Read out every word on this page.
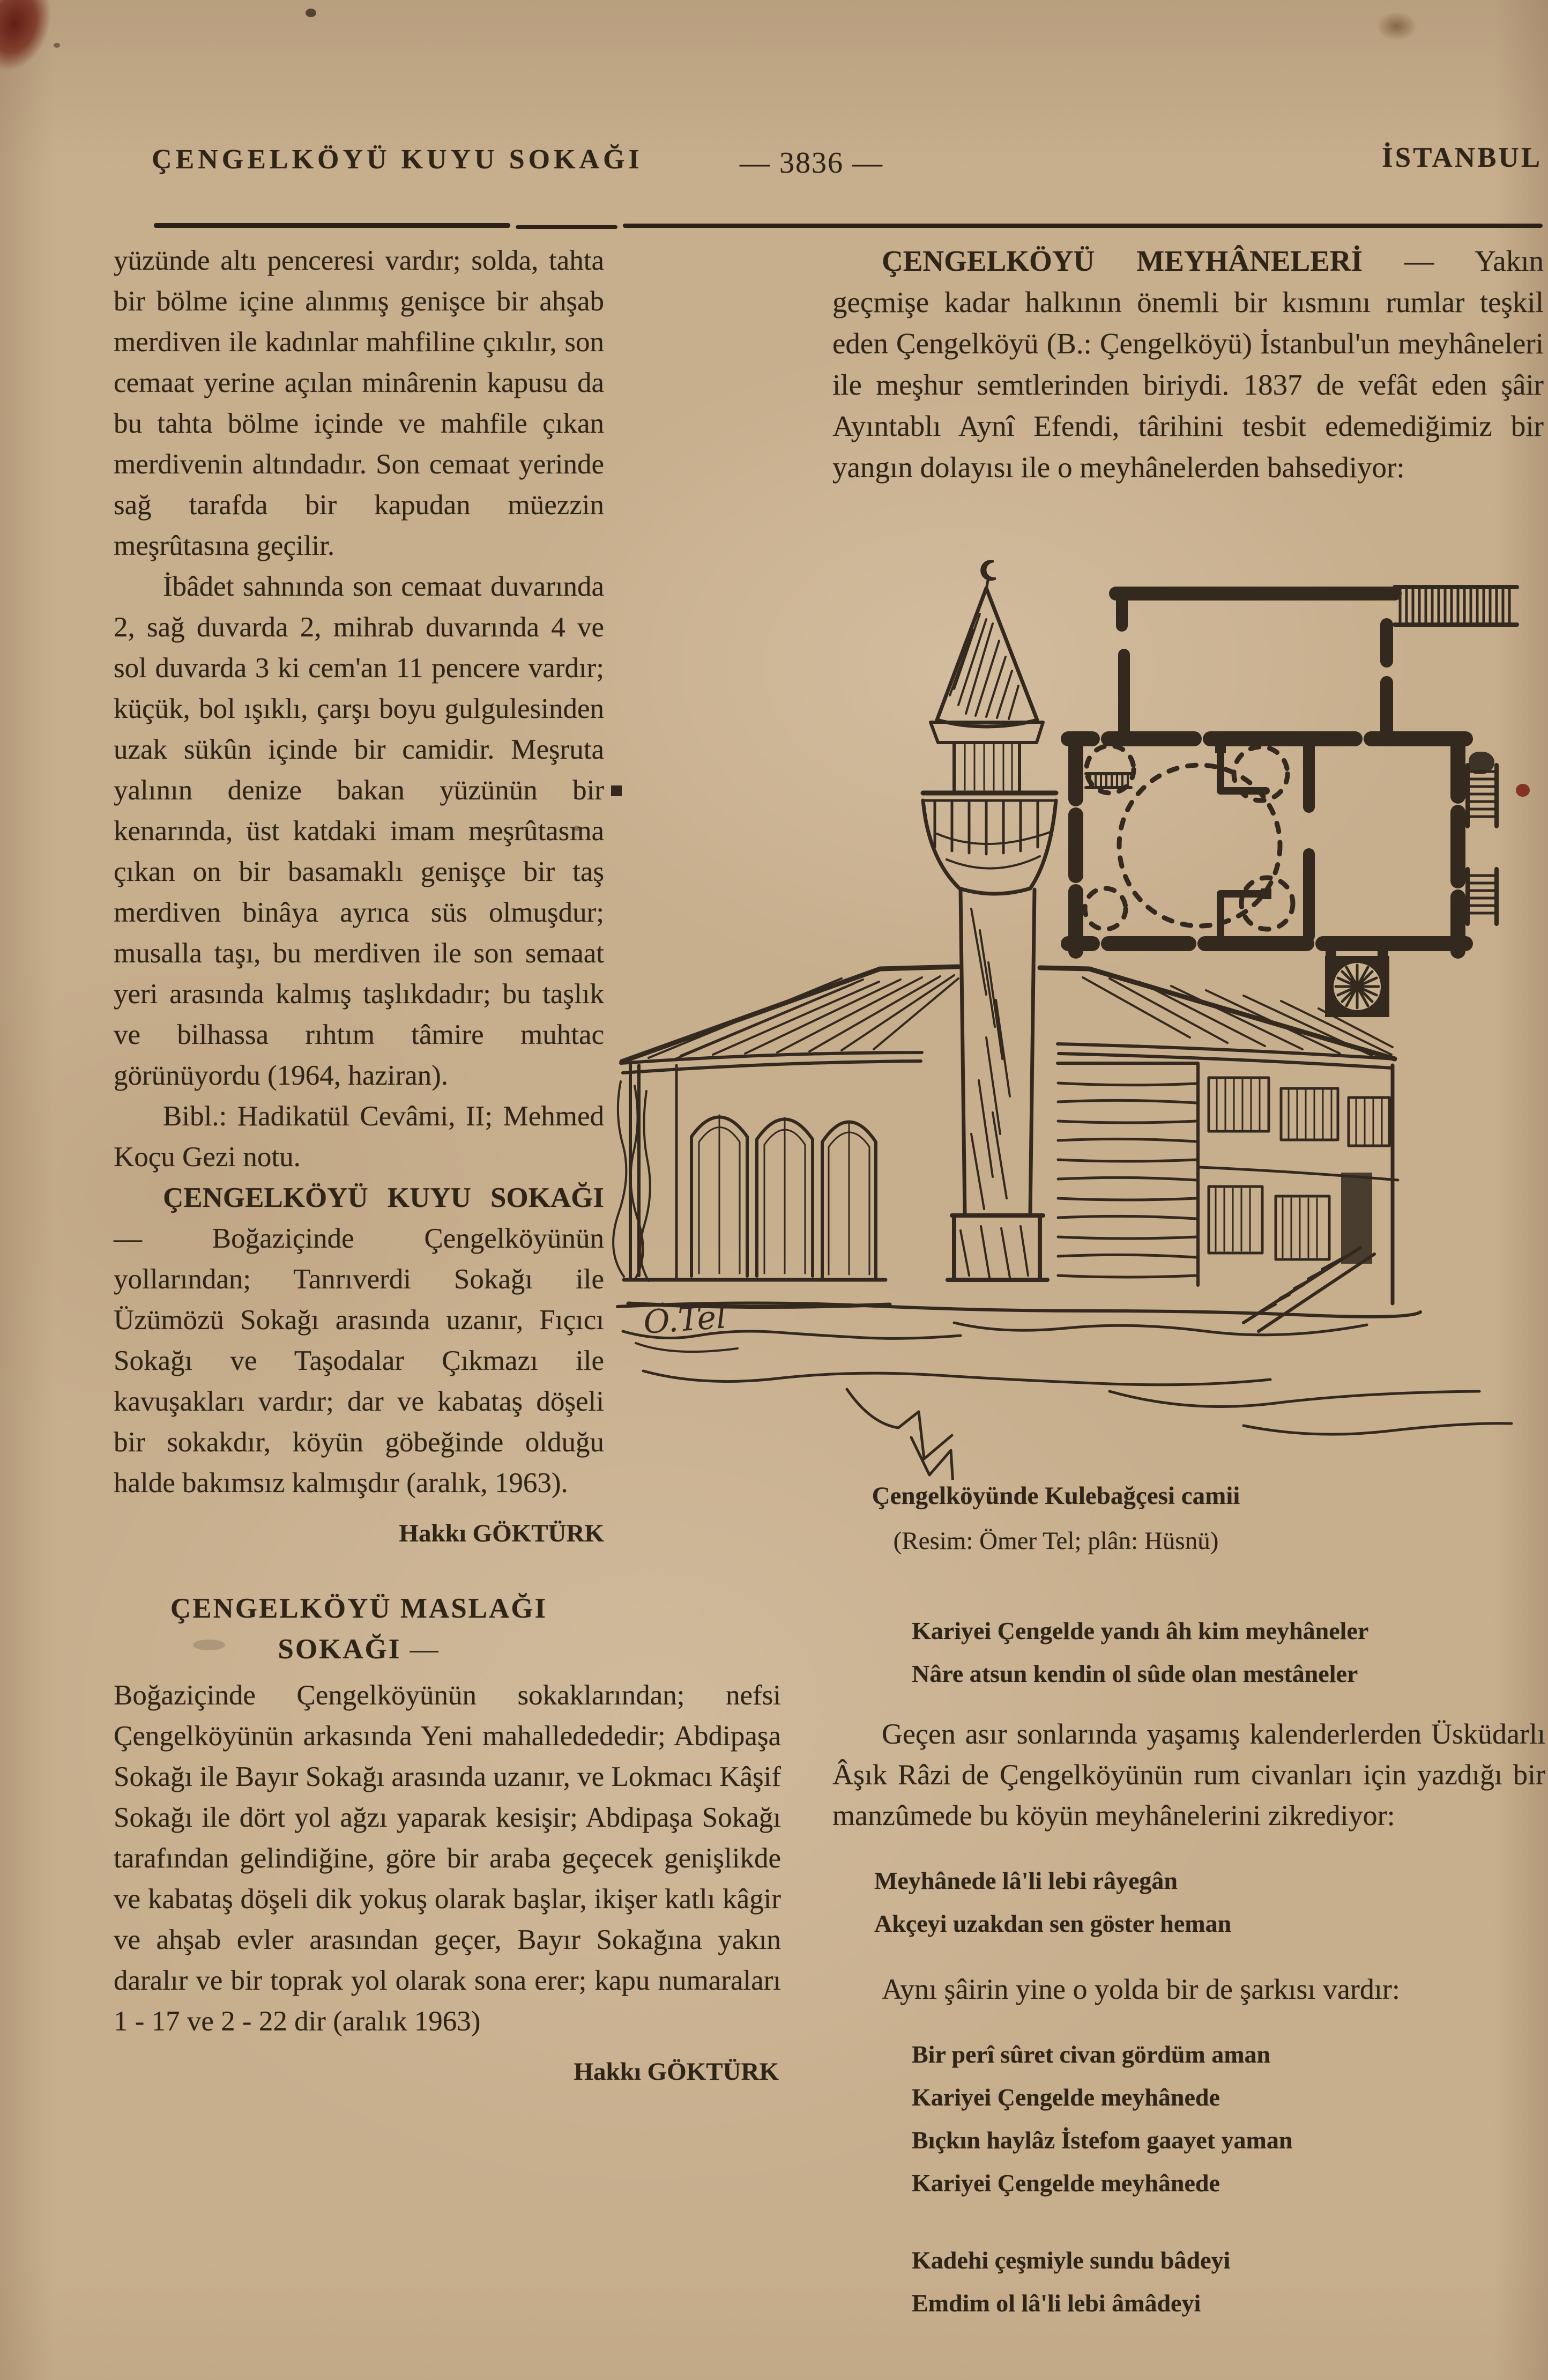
ÇENGELKÖYÜ KUYU SOKAĞI	— 3836 —	İSTANBUL

yüzünde altı penceresi vardır; solda, tahta bir bölme içine alınmış genişce bir ahşab merdiven ile kadınlar mahfiline çıkılır, son cemaat yerine açılan minârenin kapusu da bu tahta bölme içinde ve mahfile çıkan merdivenin altındadır. Son cemaat yerinde sağ tarafda bir kapudan müezzin meşrûtasına geçilir.

İbâdet sahnında son cemaat duvarında 2, sağ duvarda 2, mihrab duvarında 4 ve sol duvarda 3 ki cem'an 11 pencere vardır; küçük, bol ışıklı, çarşı boyu gulgulesinden uzak sükûn içinde bir camidir. Meşruta yalının denize bakan yüzünün bir kenarında, üst katdaki imam meşrûtasına çıkan on bir basamaklı genişçe bir taş merdiven binâya ayrıca süs olmuşdur; musalla taşı, bu merdiven ile son semaat yeri arasında kalmış taşlıkdadır; bu taşlık ve bilhassa rıhtım tâmire muhtac görünüyordu (1964, haziran).

Bibl.: Hadikatül Cevâmi, II; Mehmed Koçu Gezi notu.

ÇENGELKÖYÜ KUYU SOKAĞI — Boğaziçinde Çengelköyünün yollarından; Tanrıverdi Sokağı ile Üzümözü Sokağı arasında uzanır, Fıçıcı Sokağı ve Taşodalar Çıkmazı ile kavuşakları vardır; dar ve kabataş döşeli bir sokakdır, köyün göbeğinde olduğu halde bakımsız kalmışdır (aralık, 1963).

Hakkı GÖKTÜRK

ÇENGELKÖYÜ MASLAĞI SOKAĞI —

Boğaziçinde Çengelköyünün sokaklarından; nefsi Çengelköyünün arkasında Yeni mahalledededir; Abdipaşa Sokağı ile Bayır Sokağı arasında uzanır, ve Lokmacı Kâşif Sokağı ile dört yol ağzı yaparak kesişir; Abdipaşa Sokağı tarafından gelindiğine, göre bir araba geçecek genişlikde ve kabataş döşeli dik yokuş olarak başlar, ikişer katlı kâgir ve ahşab evler arasından geçer, Bayır Sokağına yakın daralır ve bir toprak yol olarak sona erer; kapu numaraları 1 - 17 ve 2 - 22 dir (aralık 1963)

Hakkı GÖKTÜRK

ÇENGELKÖYÜ MEYHÂNELERİ — Yakın geçmişe kadar halkının önemli bir kısmını rumlar teşkil eden Çengelköyü (B.: Çengelköyü) İstanbul'un meyhâneleri ile meşhur semtlerinden biriydi. 1837 de vefât eden şâir Ayıntablı Aynî Efendi, târihini tesbit edemediğimiz bir yangın dolayısı ile o meyhânelerden bahsediyor:

Ö.Tel
Çengelköyünde Kulebağçesi camii
(Resim: Ömer Tel; plân: Hüsnü)
Kariyei Çengelde yandı âh kim meyhâneler
Nâre atsun kendin ol sûde olan mestâneler

Geçen asır sonlarında yaşamış kalenderlerden Üsküdarlı Âşık Râzi de Çengelköyünün rum civanları için yazdığı bir manzûmede bu köyün meyhânelerini zikrediyor:

Meyhânede lâ'li lebi râyegân
Akçeyi uzakdan sen göster heman

Aynı şâirin yine o yolda bir de şarkısı vardır:

Bir perî sûret civan gördüm aman
Kariyei Çengelde meyhânede
Bıçkın haylâz İstefom gaayet yaman
Kariyei Çengelde meyhânede
Kadehi çeşmiyle sundu bâdeyi
Emdim ol lâ'li lebi âmâdeyi
